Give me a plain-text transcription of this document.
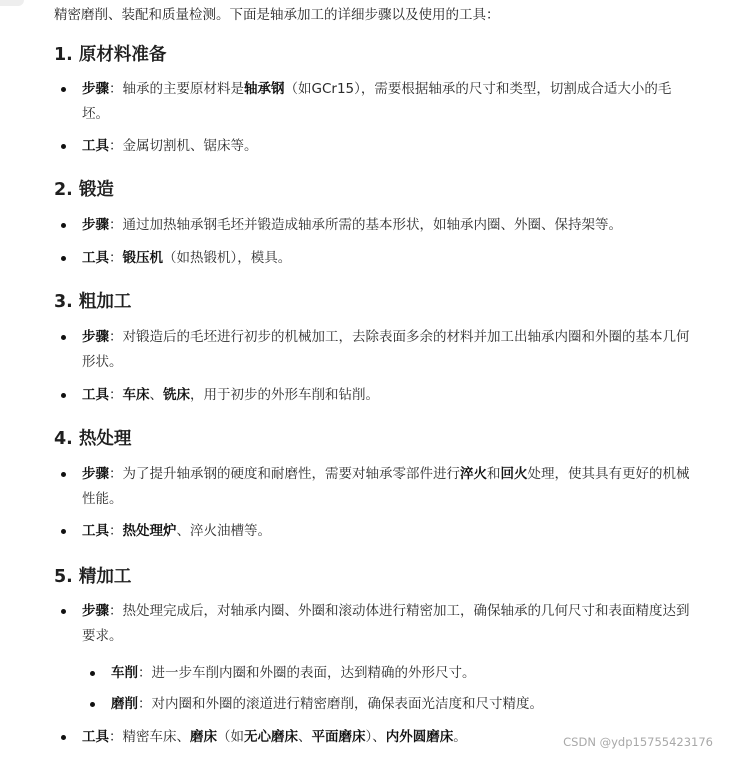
精密磨削、装配和质量检测。下面是轴承加工的详细步骤以及使用的工具：
1. 原材料准备
步骤：轴承的主要原材料是轴承钢（如GCr15），需要根据轴承的尺寸和类型，切割成合适大小的毛坯。
工具：金属切割机、锯床等。
2. 锻造
步骤：通过加热轴承钢毛坯并锻造成轴承所需的基本形状，如轴承内圈、外圈、保持架等。
工具：锻压机（如热锻机），模具。
3. 粗加工
步骤：对锻造后的毛坯进行初步的机械加工，去除表面多余的材料并加工出轴承内圈和外圈的基本几何形状。
工具：车床、铣床，用于初步的外形车削和钻削。
4. 热处理
步骤：为了提升轴承钢的硬度和耐磨性，需要对轴承零部件进行淬火和回火处理，使其具有更好的机械性能。
工具：热处理炉、淬火油槽等。
5. 精加工
步骤：热处理完成后，对轴承内圈、外圈和滚动体进行精密加工，确保轴承的几何尺寸和表面精度达到要求。
车削：进一步车削内圈和外圈的表面，达到精确的外形尺寸。
磨削：对内圈和外圈的滚道进行精密磨削，确保表面光洁度和尺寸精度。
工具：精密车床、磨床（如无心磨床、平面磨床）、内外圆磨床。	CSDN @ydp15755423176
